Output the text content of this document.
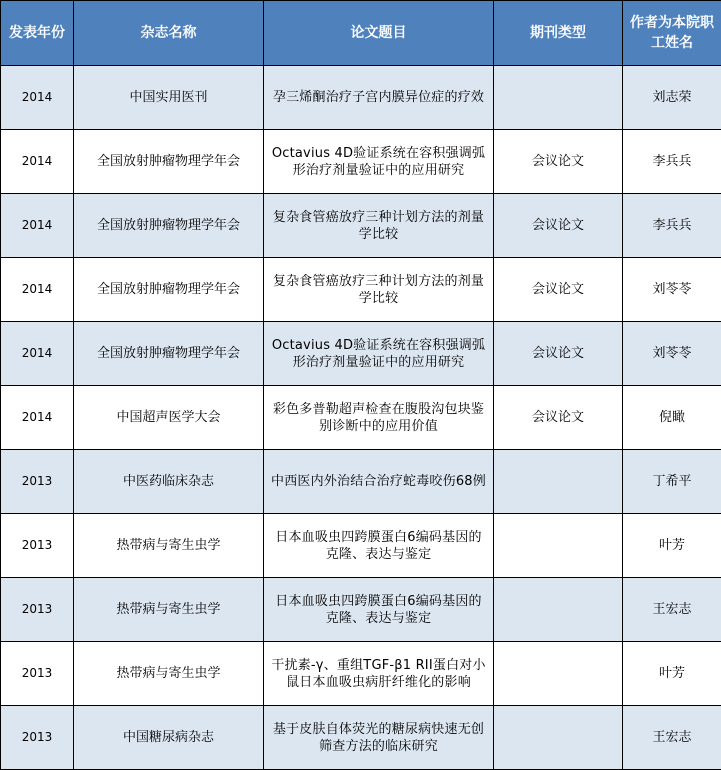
发表年份	杂志名称	论文题目	期刊类型	作者为本院职工姓名
2014	中国实用医刊	孕三烯酮治疗子宫内膜异位症的疗效		刘志荣
2014	全国放射肿瘤物理学年会	Octavius 4D验证系统在容积强调弧形治疗剂量验证中的应用研究	会议论文	李兵兵
2014	全国放射肿瘤物理学年会	复杂食管癌放疗三种计划方法的剂量学比较	会议论文	李兵兵
2014	全国放射肿瘤物理学年会	复杂食管癌放疗三种计划方法的剂量学比较	会议论文	刘苓苓
2014	全国放射肿瘤物理学年会	Octavius 4D验证系统在容积强调弧形治疗剂量验证中的应用研究	会议论文	刘苓苓
2014	中国超声医学大会	彩色多普勒超声检查在腹股沟包块鉴别诊断中的应用价值	会议论文	倪瞰
2013	中医药临床杂志	中西医内外治结合治疗蛇毒咬伤68例		丁希平
2013	热带病与寄生虫学	日本血吸虫四跨膜蛋白6编码基因的克隆、表达与鉴定		叶芳
2013	热带病与寄生虫学	日本血吸虫四跨膜蛋白6编码基因的克隆、表达与鉴定		王宏志
2013	热带病与寄生虫学	干扰素-γ、重组TGF-β1 RII蛋白对小鼠日本血吸虫病肝纤维化的影响		叶芳
2013	中国糖尿病杂志	基于皮肤自体荧光的糖尿病快速无创筛查方法的临床研究		王宏志
